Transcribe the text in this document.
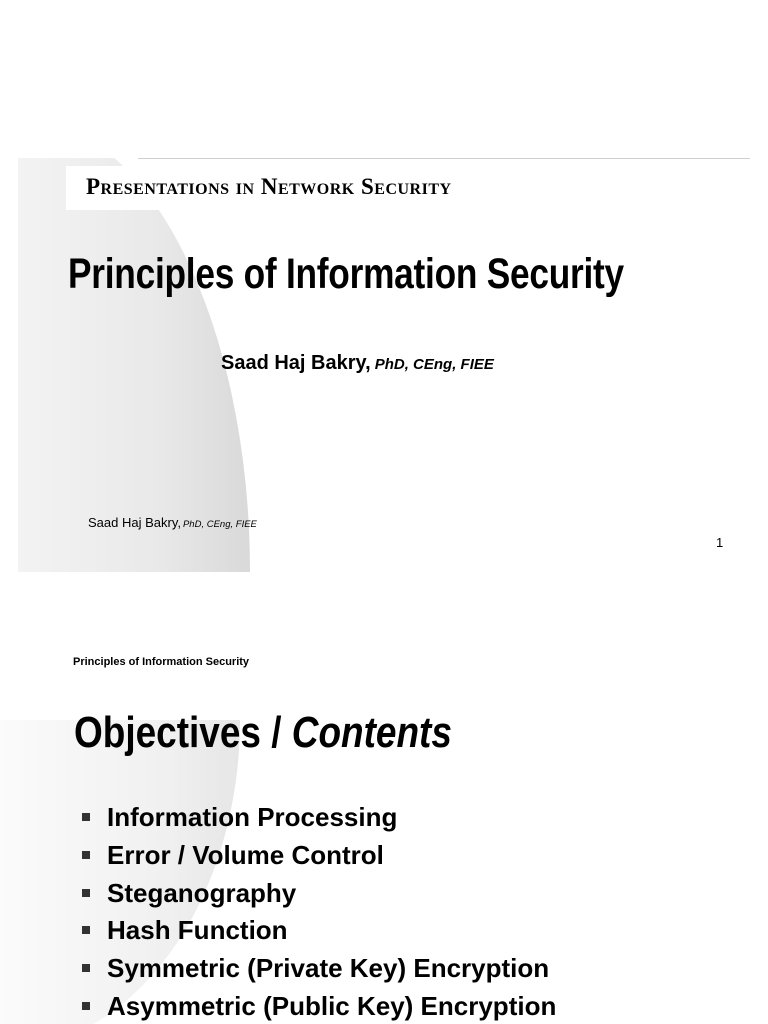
Presentations in Network Security
Principles of Information Security
Saad Haj Bakry, PhD, CEng, FIEE
Saad Haj Bakry, PhD, CEng, FIEE
1
Principles of Information Security
Objectives / Contents
Information Processing
Error / Volume Control
Steganography
Hash Function
Symmetric (Private Key) Encryption
Asymmetric (Public Key) Encryption
